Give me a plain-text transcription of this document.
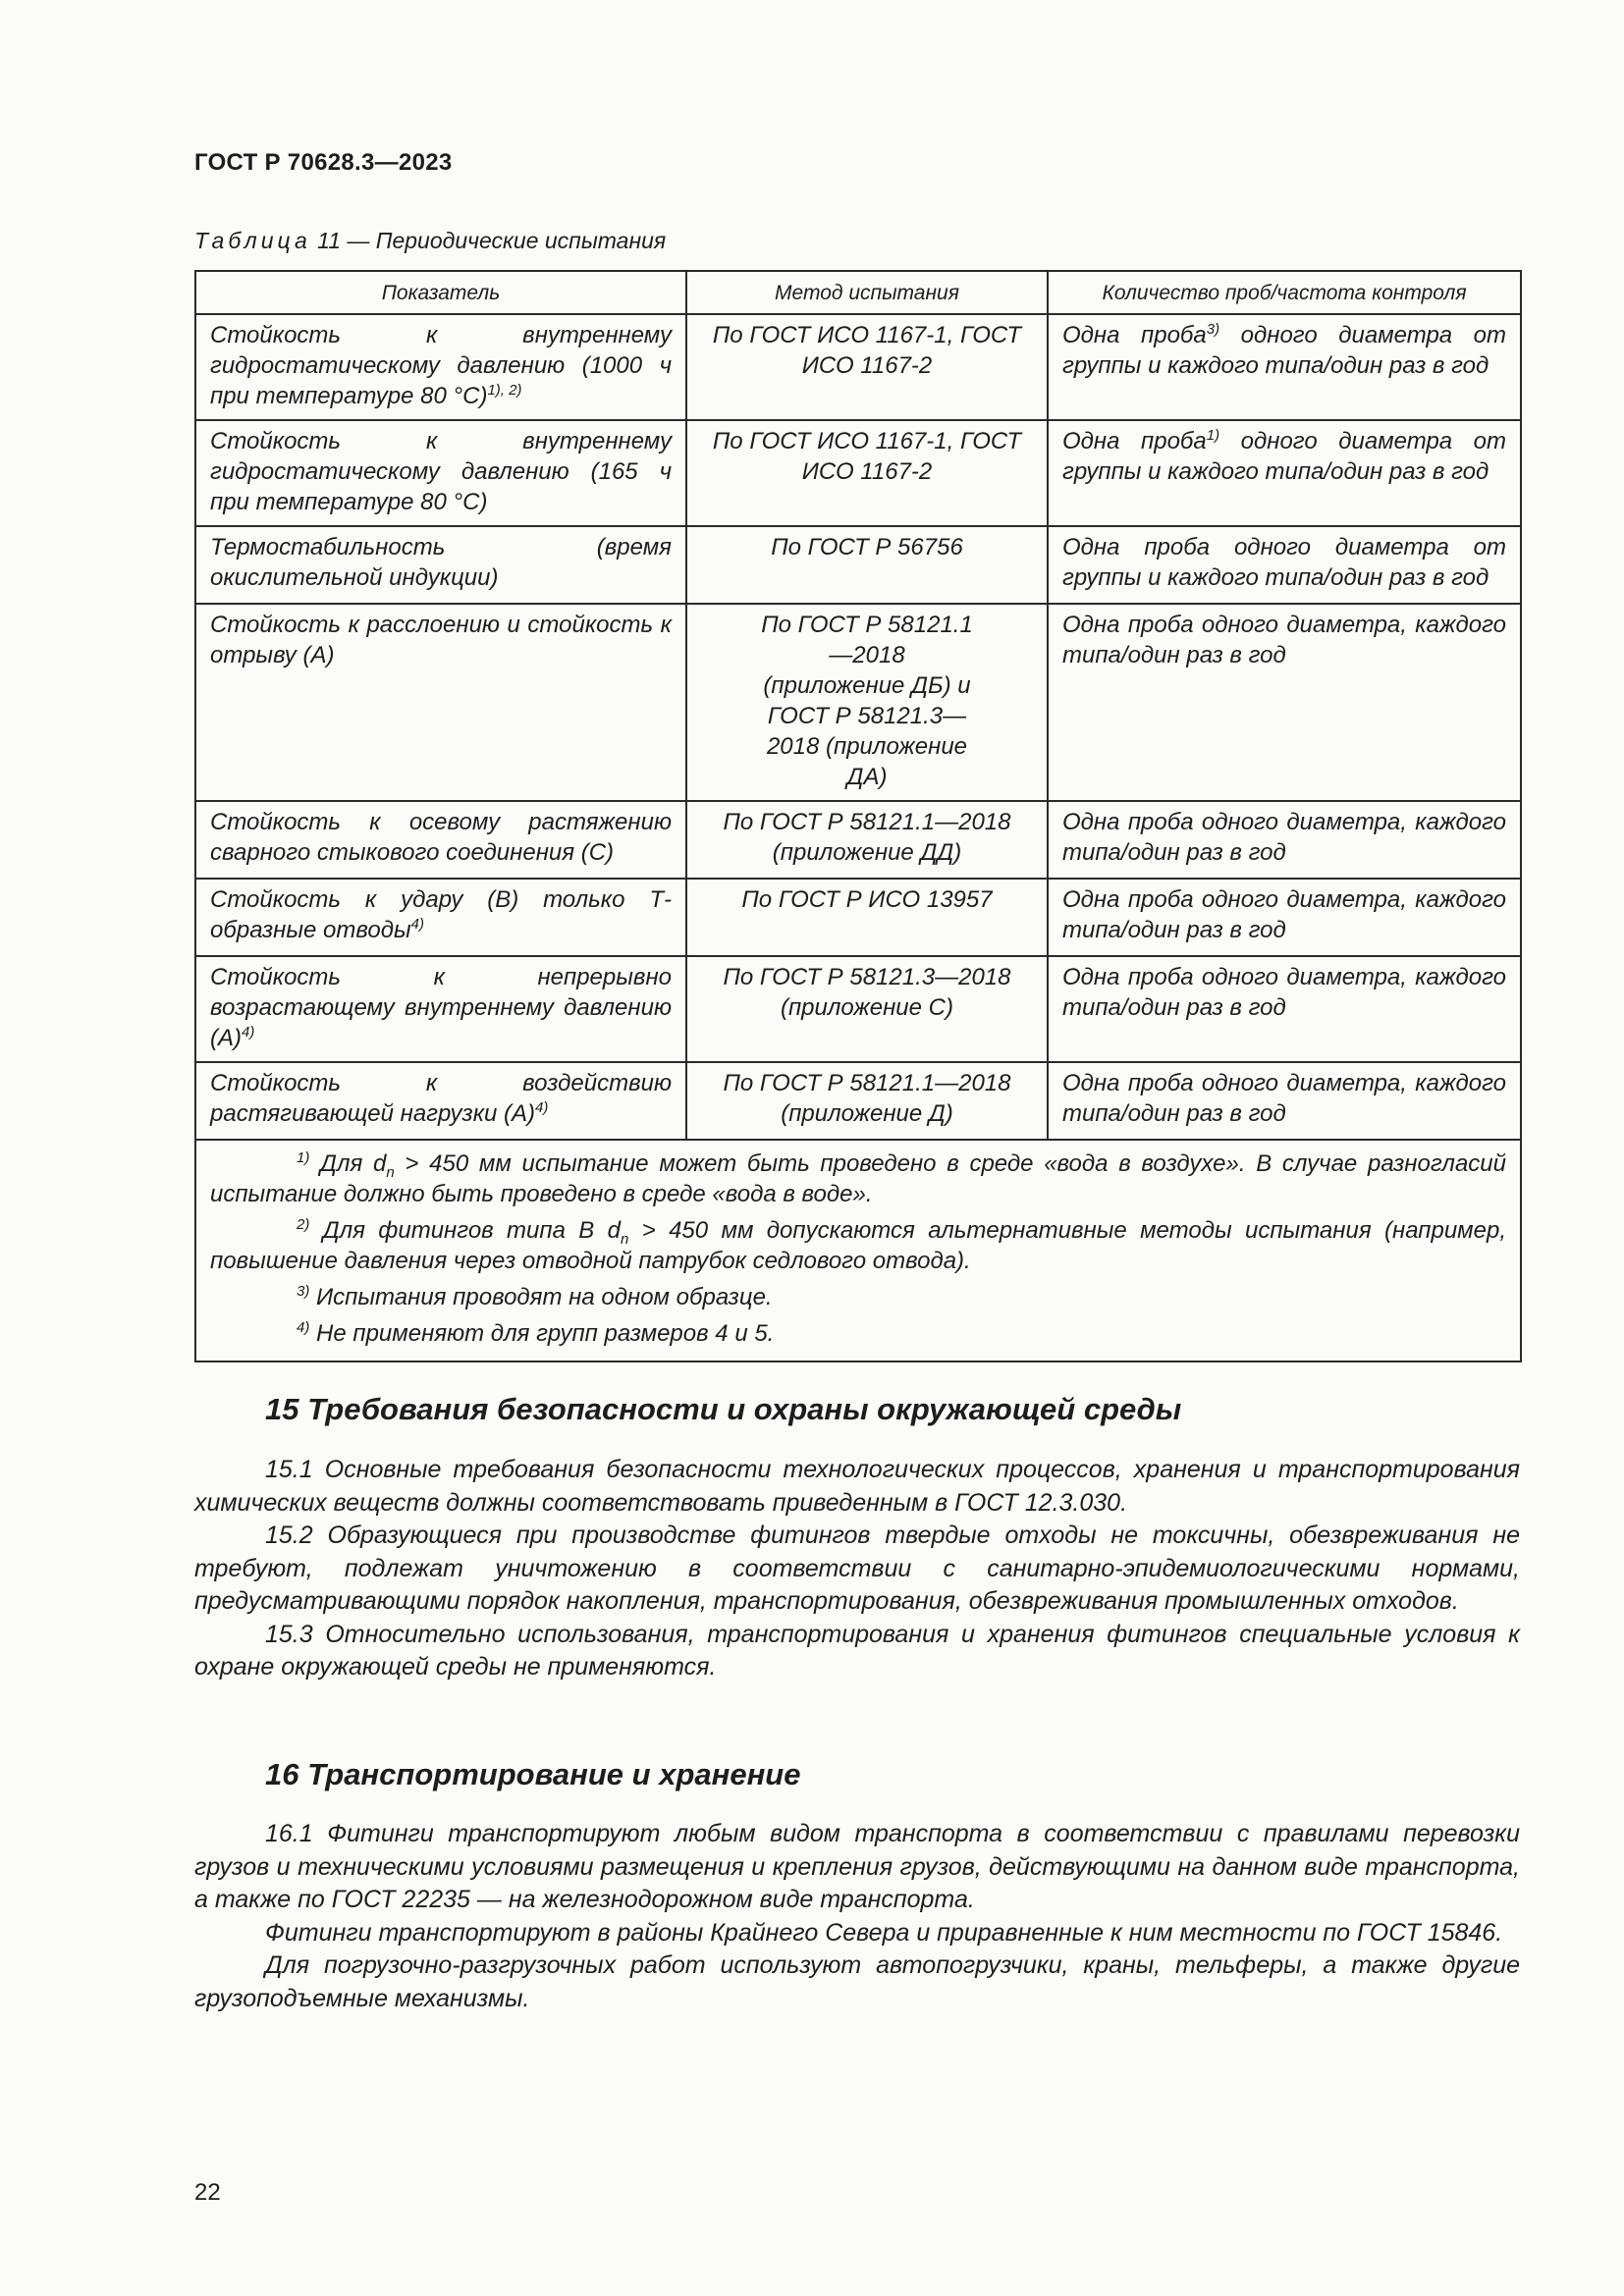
ГОСТ Р 70628.3—2023
Таблица 11 — Периодические испытания
Показатель	Метод испытания	Количество проб/частота контроля
Стойкость к внутреннему гидростатическому давлению (1000 ч при температуре 80 °C)$^{1), 2)}$	По ГОСТ ИСО 1167-1, ГОСТ ИСО 1167-2	Одна проба$^{3)}$ одного диаметра от группы и каждого типа/один раз в год
Стойкость к внутреннему гидростатическому давлению (165 ч при температуре 80 °C)	По ГОСТ ИСО 1167-1, ГОСТ ИСО 1167-2	Одна проба$^{1)}$ одного диаметра от группы и каждого типа/один раз в год
Термостабильность (время окислительной индукции)	По ГОСТ Р 56756	Одна проба одного диаметра от группы и каждого типа/один раз в год
Стойкость к расслоению и стойкость к отрыву (A)	По ГОСТ Р 58121.1—2018 (приложение ДБ) и ГОСТ Р 58121.3—2018 (приложение ДА)	Одна проба одного диаметра, каждого типа/один раз в год
Стойкость к осевому растяжению сварного стыкового соединения (C)	По ГОСТ Р 58121.1—2018 (приложение ДД)	Одна проба одного диаметра, каждого типа/один раз в год
Стойкость к удару (B) только Т-образные отводы$^{4)}$	По ГОСТ Р ИСО 13957	Одна проба одного диаметра, каждого типа/один раз в год
Стойкость к непрерывно возрастающему внутреннему давлению $(A)^{4)}$	По ГОСТ Р 58121.3—2018 (приложение С)	Одна проба одного диаметра, каждого типа/один раз в год
Стойкость к воздействию растягивающей нагрузки $(A)^{4)}$	По ГОСТ Р 58121.1—2018 (приложение Д)	Одна проба одного диаметра, каждого типа/один раз в год

$^{1)}$ Для $d_n > 450$ мм испытание может быть проведено в среде «вода в воздухе». В случае разногласий испытание должно быть проведено в среде «вода в воде».
$^{2)}$ Для фитингов типа B $d_n > 450$ мм допускаются альтернативные методы испытания (например, повышение давления через отводной патрубок седлового отвода).
$^{3)}$ Испытания проводят на одном образце.
$^{4)}$ Не применяют для групп размеров 4 и 5.		
15 Требования безопасности и охраны окружающей среды

15.1 Основные требования безопасности технологических процессов, хранения и транспортирования химических веществ должны соответствовать приведенным в ГОСТ 12.3.030.

15.2 Образующиеся при производстве фитингов твердые отходы не токсичны, обезвреживания не требуют, подлежат уничтожению в соответствии с санитарно-эпидемиологическими нормами, предусматривающими порядок накопления, транспортирования, обезвреживания промышленных отходов.

15.3 Относительно использования, транспортирования и хранения фитингов специальные условия к охране окружающей среды не применяются.

16 Транспортирование и хранение

16.1 Фитинги транспортируют любым видом транспорта в соответствии с правилами перевозки грузов и техническими условиями размещения и крепления грузов, действующими на данном виде транспорта, а также по ГОСТ 22235 — на железнодорожном виде транспорта.

Фитинги транспортируют в районы Крайнего Севера и приравненные к ним местности по ГОСТ 15846.

Для погрузочно-разгрузочных работ используют автопогрузчики, краны, тельферы, а также другие грузоподъемные механизмы.

22
